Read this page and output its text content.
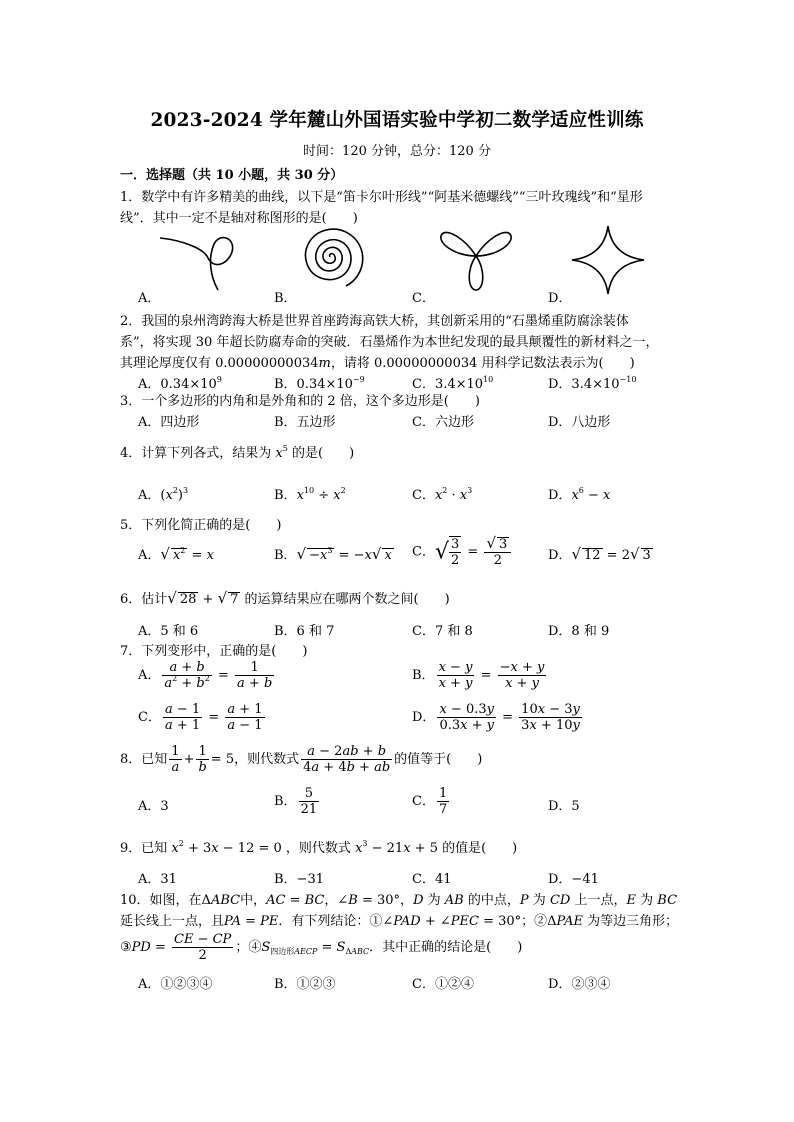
2023-2024 学年麓山外国语实验中学初二数学适应性训练
时间：120 分钟，总分：120 分
一．选择题（共 10 小题，共 30 分）
1．数学中有许多精美的曲线，以下是“笛卡尔叶形线”“阿基米德螺线”“三叶玫瑰线”和“星形
线”．其中一定不是轴对称图形的是(　　)
A．	B．	C．	D．
2．我国的泉州湾跨海大桥是世界首座跨海高铁大桥，其创新采用的“石墨烯重防腐涂装体
系”，将实现 30 年超长防腐寿命的突破．石墨烯作为本世纪发现的最具颠覆性的新材料之一，
其理论厚度仅有 0.00000000034m，请将 0.00000000034 用科学记数法表示为(　　)
A．$0.34\times 10^9$	B．$0.34\times 10^{-9}$	C．$3.4\times 10^{10}$	D．$3.4\times 10^{-10}$
3．一个多边形的内角和是外角和的 2 倍，这个多边形是(　　)
A．四边形	B．五边形	C．六边形	D．八边形
4．计算下列各式，结果为 $x^5$ 的是(　　)
A．$(x^2)^3$	B．$x^{10} \div x^2$	C．$x^2 \cdot x^3$	D．$x^6 - x$
5．下列化简正确的是(　　)
A．√ $x^2 = x$	B．√ $-x^3 = -x√$ x C．√ $\frac{3}{2} = \frac{√ 3}{2}$	D．√ 12 = 2√ 3
6．估计√ 28 + √ 7 的运算结果应在哪两个数之间(　　)
A．5 和 6	B．6 和 7	C．7 和 8	D．8 和 9
7．下列变形中，正确的是(　　)
A． $\frac{a + b}{a^2 + b^2} = \frac{1}{a + b}$	B． $\frac{x - y}{x + y} = \frac{-x + y}{x + y}$
C． $\frac{a - 1}{a + 1} = \frac{a + 1}{a - 1}$	D． $\frac{x - 0.3y}{0.3x + y} = \frac{10x - 3y}{3x + 10y}$
8．已知 $\frac{1}{a} + \frac{1}{b} = 5$，则代数式 $\frac{a - 2ab + b}{4a + 4b + ab}$ 的值等于(　　)
A．3	B． $\frac{5}{21}$	C． $\frac{1}{7}$	D．5
9．已知 $x^2 + 3x - 12 = 0$ ，则代数式 $x^3 - 21x + 5$ 的值是(　　)
A．31	B．−31	C．41	D．−41
10．如图，在ΔABC中，AC = BC，∠B = 30°，D 为 AB 的中点，P 为 CD 上一点，E 为 BC
延长线上一点，且PA = PE．有下列结论：①∠PAD + ∠PEC = 30°；②ΔPAE 为等边三角形；
③PD = $\frac{CE - CP}{2}$ ；$④S_{四边形AECP} = S_{\Delta ABC}$．其中正确的结论是(　　)
A．①②③④	B．①②③	C．①②④	D．②③④
